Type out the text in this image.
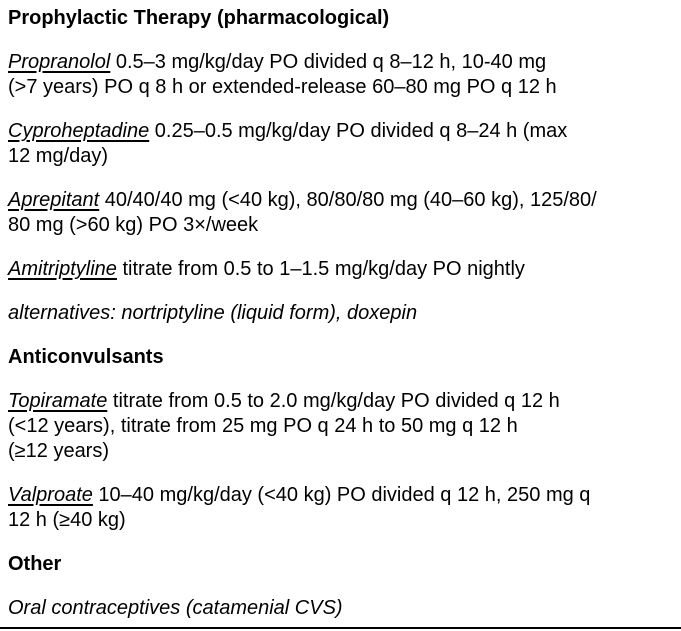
Prophylactic Therapy (pharmacological)

Propranolol 0.5–3 mg/kg/day PO divided q 8–12 h, 10-40 mg
(>7 years) PO q 8 h or extended-release 60–80 mg PO q 12 h

Cyproheptadine 0.25–0.5 mg/kg/day PO divided q 8–24 h (max
12 mg/day)

Aprepitant 40/40/40 mg (<40 kg), 80/80/80 mg (40–60 kg), 125/80/
80 mg (>60 kg) PO 3×/week

Amitriptyline titrate from 0.5 to 1–1.5 mg/kg/day PO nightly

alternatives: nortriptyline (liquid form), doxepin

Anticonvulsants

Topiramate titrate from 0.5 to 2.0 mg/kg/day PO divided q 12 h
(<12 years), titrate from 25 mg PO q 24 h to 50 mg q 12 h
(≥12 years)

Valproate 10–40 mg/kg/day (<40 kg) PO divided q 12 h, 250 mg q
12 h (≥40 kg)

Other

Oral contraceptives (catamenial CVS)
